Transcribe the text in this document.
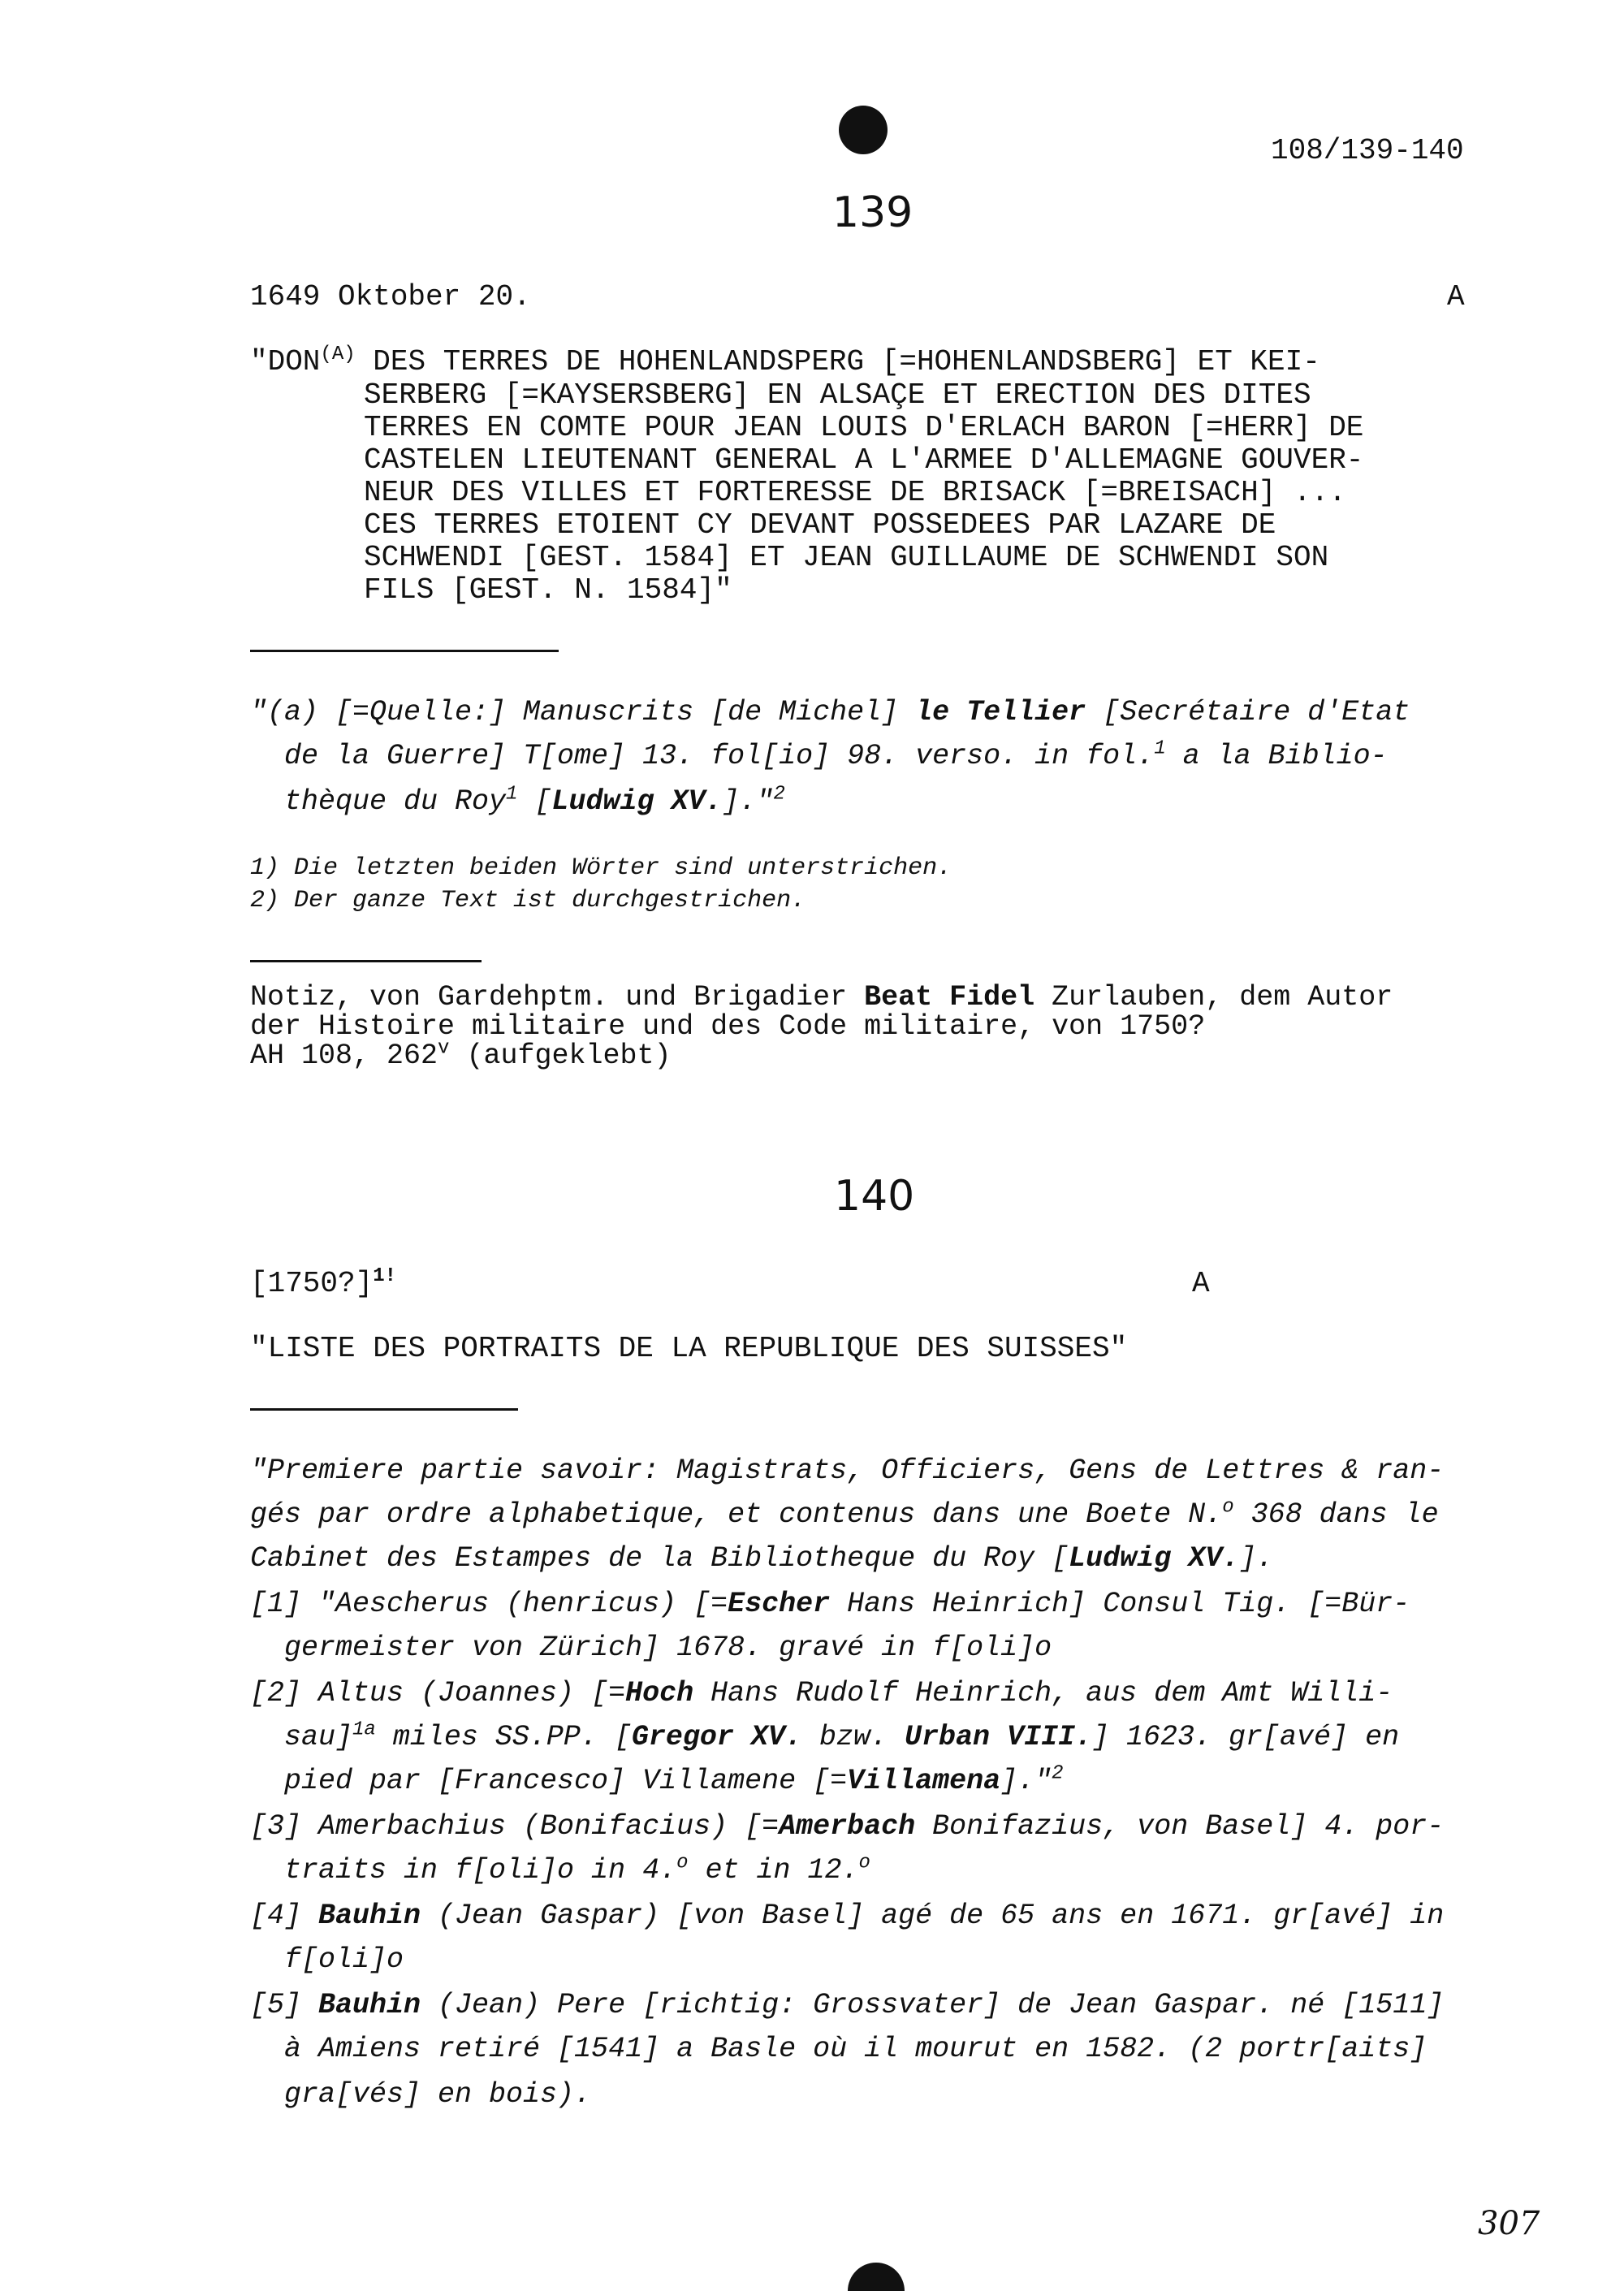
108/139-140
139
1649 Oktober 20.	A
"$DON^{(A)}$ DES TERRES DE HOHENLANDSPERG [=HOHENLANDSBERG] ET KEI-
SERBERG [=KAYSERSBERG] EN ALSAÇE ET ERECTION DES DITES
TERRES EN COMTE POUR JEAN LOUIS D'ERLACH BARON [=HERR] DE
CASTELEN LIEUTENANT GENERAL A L'ARMEE D'ALLEMAGNE GOUVER-
NEUR DES VILLES ET FORTERESSE DE BRISACK [=BREISACH] ...
CES TERRES ETOIENT CY DEVANT POSSEDEES PAR LAZARE DE
SCHWENDI [GEST. 1584] ET JEAN GUILLAUME DE SCHWENDI SON
FILS [GEST. N. 1584]"
"(a) [=Quelle:] Manuscrits [de Michel] le Tellier [Secrétaire d'Etat
de la Guerre] T[ome] 13. fol[io] 98. verso. in fol.$^1$ a la Biblio-
thèque du Roy$^1$ [Ludwig XV.]."$^2$
1) Die letzten beiden Wörter sind unterstrichen.
2) Der ganze Text ist durchgestrichen.
Notiz, von Gardehptm. und Brigadier Beat Fidel Zurlauben, dem Autor
der Histoire militaire und des Code militaire, von 1750?
AH 108, 262$^v$ (aufgeklebt)
140
[1750?]$^{1!}$	A
"LISTE DES PORTRAITS DE LA REPUBLIQUE DES SUISSES"
"Premiere partie savoir: Magistrats, Officiers, Gens de Lettres & ran-
gés par ordre alphabetique, et contenus dans une Boete N.$^o$ 368 dans le
Cabinet des Estampes de la Bibliotheque du Roy [Ludwig XV.].
[1] "Aescherus (henricus) [=Escher Hans Heinrich] Consul Tig. [=Bür-
germeister von Zürich] 1678. gravé in f[oli]o
[2] Altus (Joannes) [=Hoch Hans Rudolf Heinrich, aus dem Amt Willi-
sau]$^{1a}$ miles SS.PP. [Gregor XV. bzw. Urban VIII.] 1623. gr[avé] en
pied par [Francesco] Villamene [=Villamena]."$^2$
[3] Amerbachius (Bonifacius) [=Amerbach Bonifazius, von Basel] 4. por-
traits in f[oli]o in 4.$^o$ et in 12.$^o$
[4] Bauhin (Jean Gaspar) [von Basel] agé de 65 ans en 1671. gr[avé] in
f[oli]o
[5] Bauhin (Jean) Pere [richtig: Grossvater] de Jean Gaspar. né [1511]
à Amiens retiré [1541] a Basle où il mourut en 1582. (2 portr[aits]
gra[vés] en bois).
307
